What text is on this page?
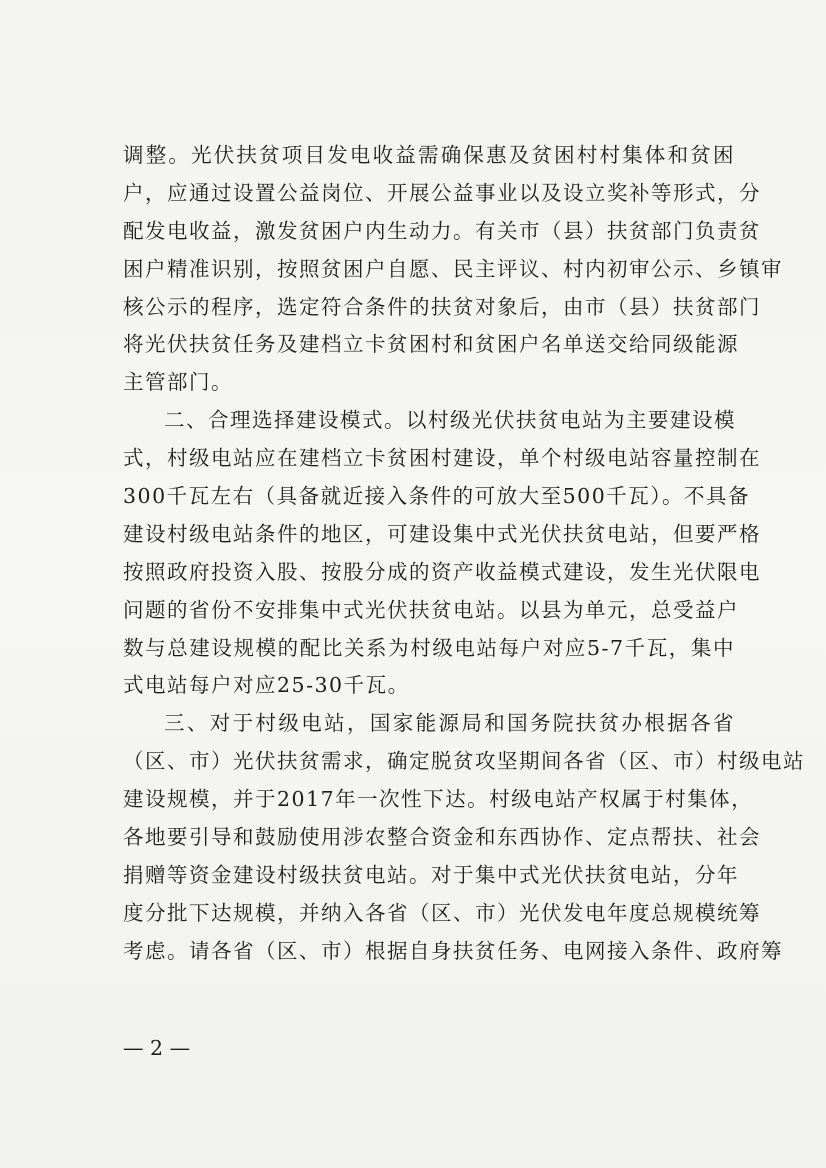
调整。光伏扶贫项目发电收益需确保惠及贫困村村集体和贫困
户，应通过设置公益岗位、开展公益事业以及设立奖补等形式，分
配发电收益，激发贫困户内生动力。有关市（县）扶贫部门负责贫
困户精准识别，按照贫困户自愿、民主评议、村内初审公示、乡镇审
核公示的程序，选定符合条件的扶贫对象后，由市（县）扶贫部门
将光伏扶贫任务及建档立卡贫困村和贫困户名单送交给同级能源
主管部门。
二、合理选择建设模式。以村级光伏扶贫电站为主要建设模
式，村级电站应在建档立卡贫困村建设，单个村级电站容量控制在
300千瓦左右（具备就近接入条件的可放大至500千瓦）。不具备
建设村级电站条件的地区，可建设集中式光伏扶贫电站，但要严格
按照政府投资入股、按股分成的资产收益模式建设，发生光伏限电
问题的省份不安排集中式光伏扶贫电站。以县为单元，总受益户
数与总建设规模的配比关系为村级电站每户对应5-7千瓦，集中
式电站每户对应25-30千瓦。
三、对于村级电站，国家能源局和国务院扶贫办根据各省
（区、市）光伏扶贫需求，确定脱贫攻坚期间各省（区、市）村级电站
建设规模，并于2017年一次性下达。村级电站产权属于村集体，
各地要引导和鼓励使用涉农整合资金和东西协作、定点帮扶、社会
捐赠等资金建设村级扶贫电站。对于集中式光伏扶贫电站，分年
度分批下达规模，并纳入各省（区、市）光伏发电年度总规模统筹
考虑。请各省（区、市）根据自身扶贫任务、电网接入条件、政府筹
— 2 —
